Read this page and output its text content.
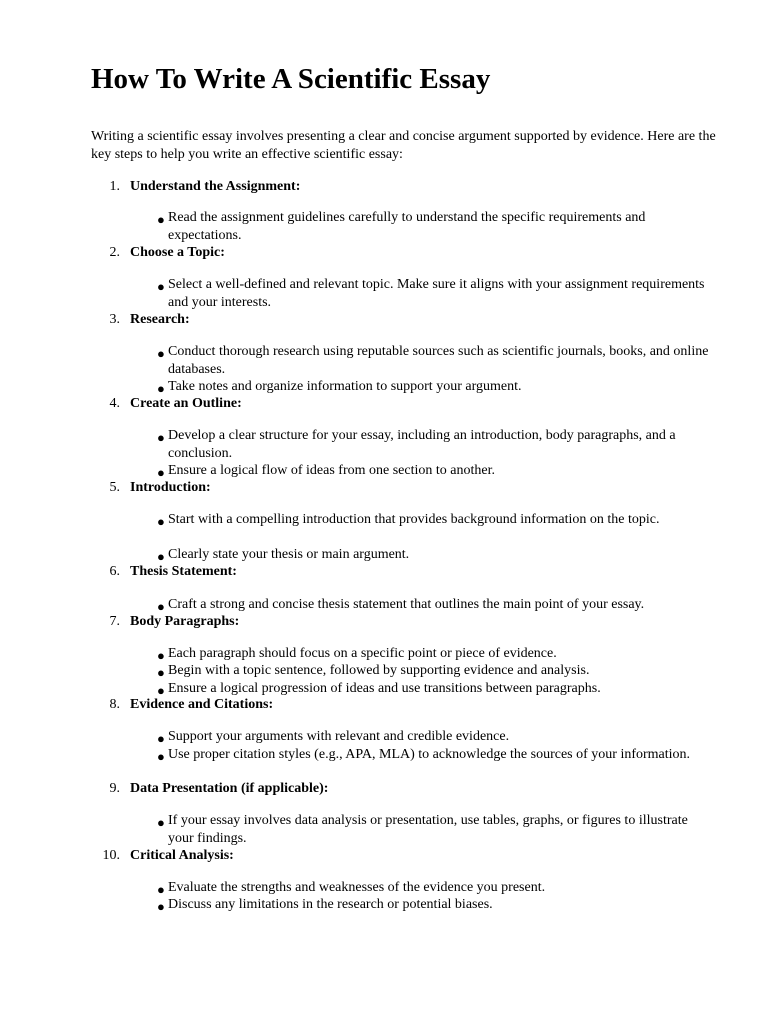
How To Write A Scientific Essay

Writing a scientific essay involves presenting a clear and concise argument supported by evidence. Here are the key steps to help you write an effective scientific essay:

1. Understand the Assignment:
● Read the assignment guidelines carefully to understand the specific requirements and expectations.
2. Choose a Topic:
● Select a well-defined and relevant topic. Make sure it aligns with your assignment requirements and your interests.
3. Research:
● Conduct thorough research using reputable sources such as scientific journals, books, and online databases.
● Take notes and organize information to support your argument.
4. Create an Outline:
● Develop a clear structure for your essay, including an introduction, body paragraphs, and a conclusion.
● Ensure a logical flow of ideas from one section to another.
5. Introduction:
● Start with a compelling introduction that provides background information on the topic.
● Clearly state your thesis or main argument.
6. Thesis Statement:
● Craft a strong and concise thesis statement that outlines the main point of your essay.
7. Body Paragraphs:
● Each paragraph should focus on a specific point or piece of evidence.
● Begin with a topic sentence, followed by supporting evidence and analysis.
● Ensure a logical progression of ideas and use transitions between paragraphs.
8. Evidence and Citations:
● Support your arguments with relevant and credible evidence.
● Use proper citation styles (e.g., APA, MLA) to acknowledge the sources of your information.
9. Data Presentation (if applicable):
● If your essay involves data analysis or presentation, use tables, graphs, or figures to illustrate your findings.
10. Critical Analysis:
● Evaluate the strengths and weaknesses of the evidence you present.
● Discuss any limitations in the research or potential biases.
